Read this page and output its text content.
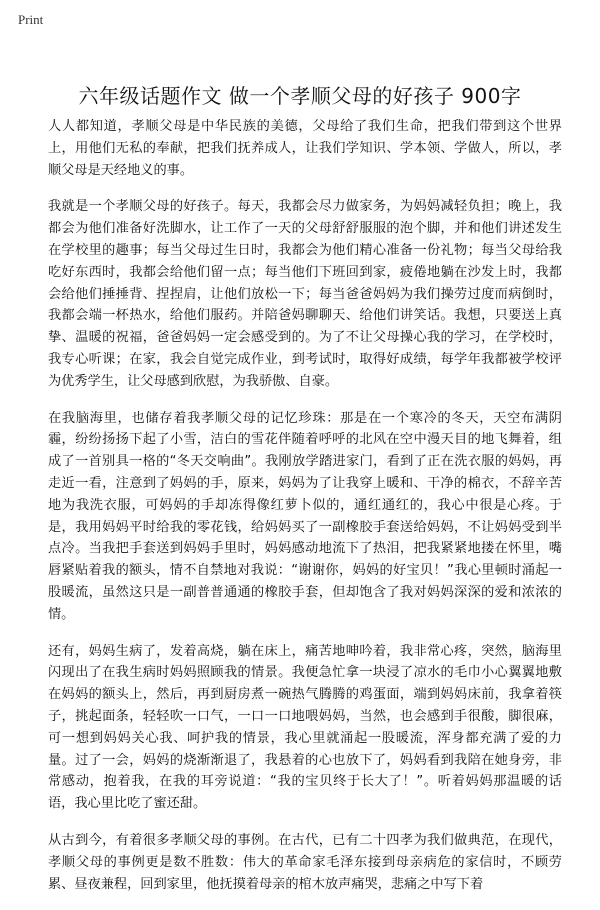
Print
六年级话题作文 做一个孝顺父母的好孩子 900字

人人都知道，孝顺父母是中华民族的美德，父母给了我们生命，把我们带到这个世界上，用他们无私的奉献，把我们抚养成人，让我们学知识、学本领、学做人，所以，孝顺父母是天经地义的事。

我就是一个孝顺父母的好孩子。每天，我都会尽力做家务，为妈妈减轻负担；晚上，我都会为他们准备好洗脚水，让工作了一天的父母舒舒服服的泡个脚，并和他们讲述发生在学校里的趣事；每当父母过生日时，我都会为他们精心准备一份礼物；每当父母给我吃好东西时，我都会给他们留一点；每当他们下班回到家，疲倦地躺在沙发上时，我都会给他们捶捶背、捏捏肩，让他们放松一下；每当爸爸妈妈为我们操劳过度而病倒时，我都会端一杯热水，给他们服药。并陪爸妈聊聊天、给他们讲笑话。我想，只要送上真挚、温暖的祝福，爸爸妈妈一定会感受到的。为了不让父母操心我的学习，在学校时，我专心听课；在家，我会自觉完成作业，到考试时，取得好成绩，每学年我都被学校评为优秀学生，让父母感到欣慰，为我骄傲、自豪。

在我脑海里，也储存着我孝顺父母的记忆珍珠：那是在一个寒冷的冬天，天空布满阴霾，纷纷扬扬下起了小雪，洁白的雪花伴随着呼呼的北风在空中漫天目的地飞舞着，组成了一首别具一格的“冬天交响曲”。我刚放学踏进家门，看到了正在洗衣服的妈妈，再走近一看，注意到了妈妈的手，原来，妈妈为了让我穿上暖和、干净的棉衣，不辞辛苦地为我洗衣服，可妈妈的手却冻得像红萝卜似的，通红通红的，我心中很是心疼。于是，我用妈妈平时给我的零花钱，给妈妈买了一副橡胶手套送给妈妈，不让妈妈受到半点冷。当我把手套送到妈妈手里时，妈妈感动地流下了热泪，把我紧紧地搂在怀里，嘴唇紧贴着我的额头，情不自禁地对我说：“谢谢你，妈妈的好宝贝！”我心里顿时涌起一股暖流，虽然这只是一副普普通通的橡胶手套，但却饱含了我对妈妈深深的爱和浓浓的情。

还有，妈妈生病了，发着高烧，躺在床上，痛苦地呻吟着，我非常心疼，突然，脑海里闪现出了在我生病时妈妈照顾我的情景。我便急忙拿一块浸了凉水的毛巾小心翼翼地敷在妈妈的额头上，然后，再到厨房煮一碗热气腾腾的鸡蛋面，端到妈妈床前，我拿着筷子，挑起面条，轻轻吹一口气，一口一口地喂妈妈，当然，也会感到手很酸，脚很麻，可一想到妈妈关心我、呵护我的情景，我心里就涌起一股暖流，浑身都充满了爱的力量。过了一会，妈妈的烧渐渐退了，我悬着的心也放下了，妈妈看到我陪在她身旁，非常感动，抱着我，在我的耳旁说道：“我的宝贝终于长大了！”。听着妈妈那温暖的话语，我心里比吃了蜜还甜。

从古到今，有着很多孝顺父母的事例。在古代，已有二十四孝为我们做典范，在现代，孝顺父母的事例更是数不胜数：伟大的革命家毛泽东接到母亲病危的家信时，不顾劳累、昼夜兼程，回到家里，他抚摸着母亲的棺木放声痛哭，悲痛之中写下着
